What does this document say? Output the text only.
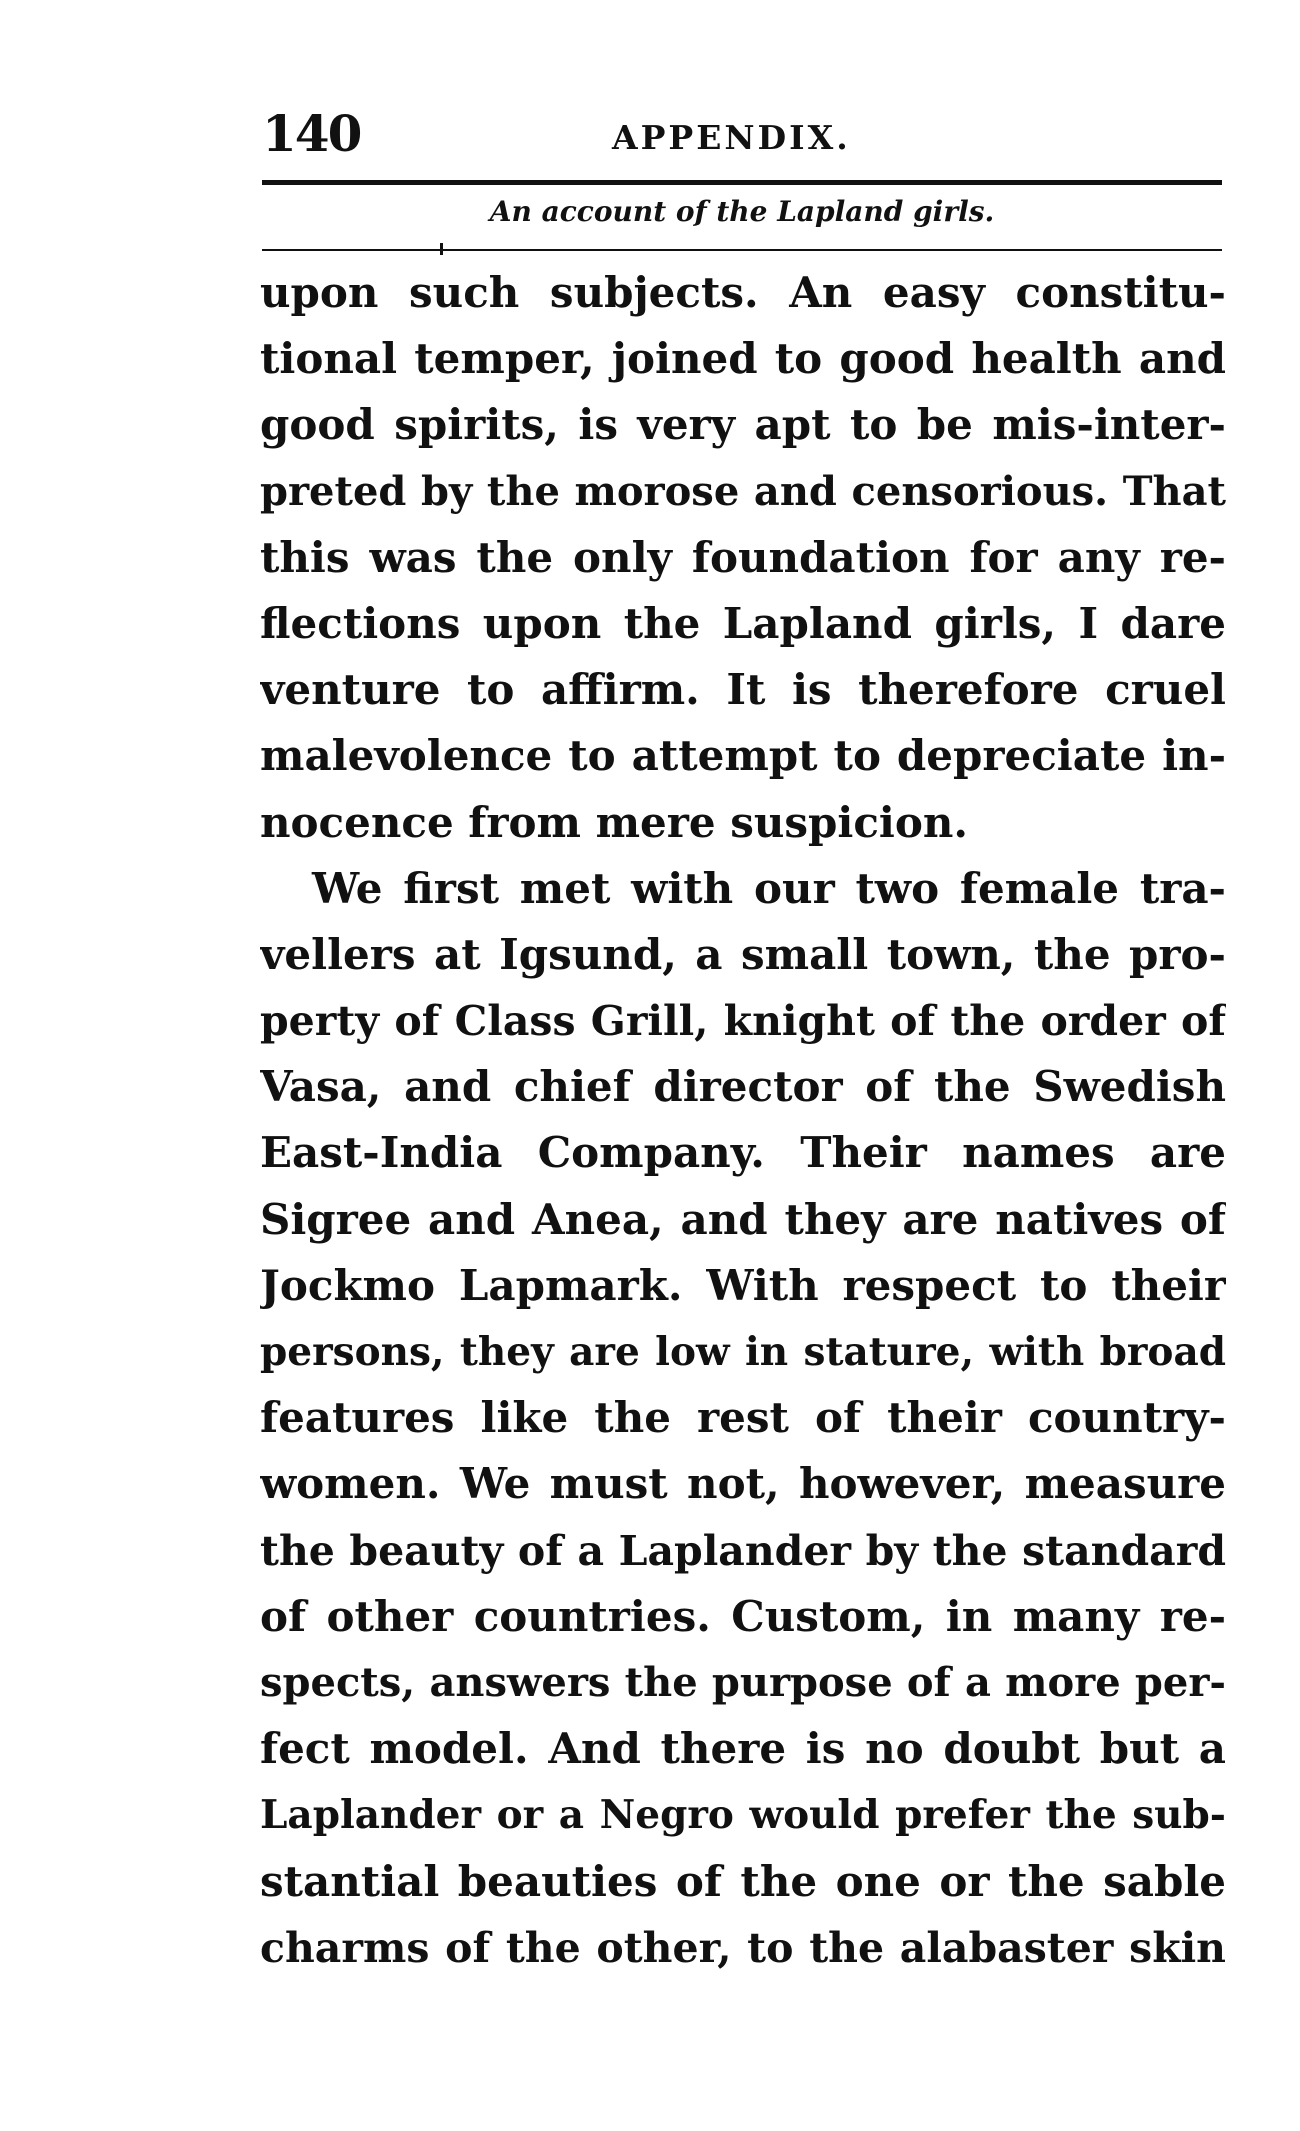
140	APPENDIX.
An account of the Lapland girls.
upon such subjects. An easy constitu-
tional temper, joined to good health and
good spirits, is very apt to be mis-inter-
preted by the morose and censorious. That
this was the only foundation for any re-
flections upon the Lapland girls, I dare
venture to affirm. It is therefore cruel
malevolence to attempt to depreciate in-
nocence from mere suspicion.
We first met with our two female tra-
vellers at Igsund, a small town, the pro-
perty of Class Grill, knight of the order of
Vasa, and chief director of the Swedish
East-India Company. Their names are
Sigree and Anea, and they are natives of
Jockmo Lapmark. With respect to their
persons, they are low in stature, with broad
features like the rest of their country-
women. We must not, however, measure
the beauty of a Laplander by the standard
of other countries. Custom, in many re-
spects, answers the purpose of a more per-
fect model. And there is no doubt but a
Laplander or a Negro would prefer the sub-
stantial beauties of the one or the sable
charms of the other, to the alabaster skin
